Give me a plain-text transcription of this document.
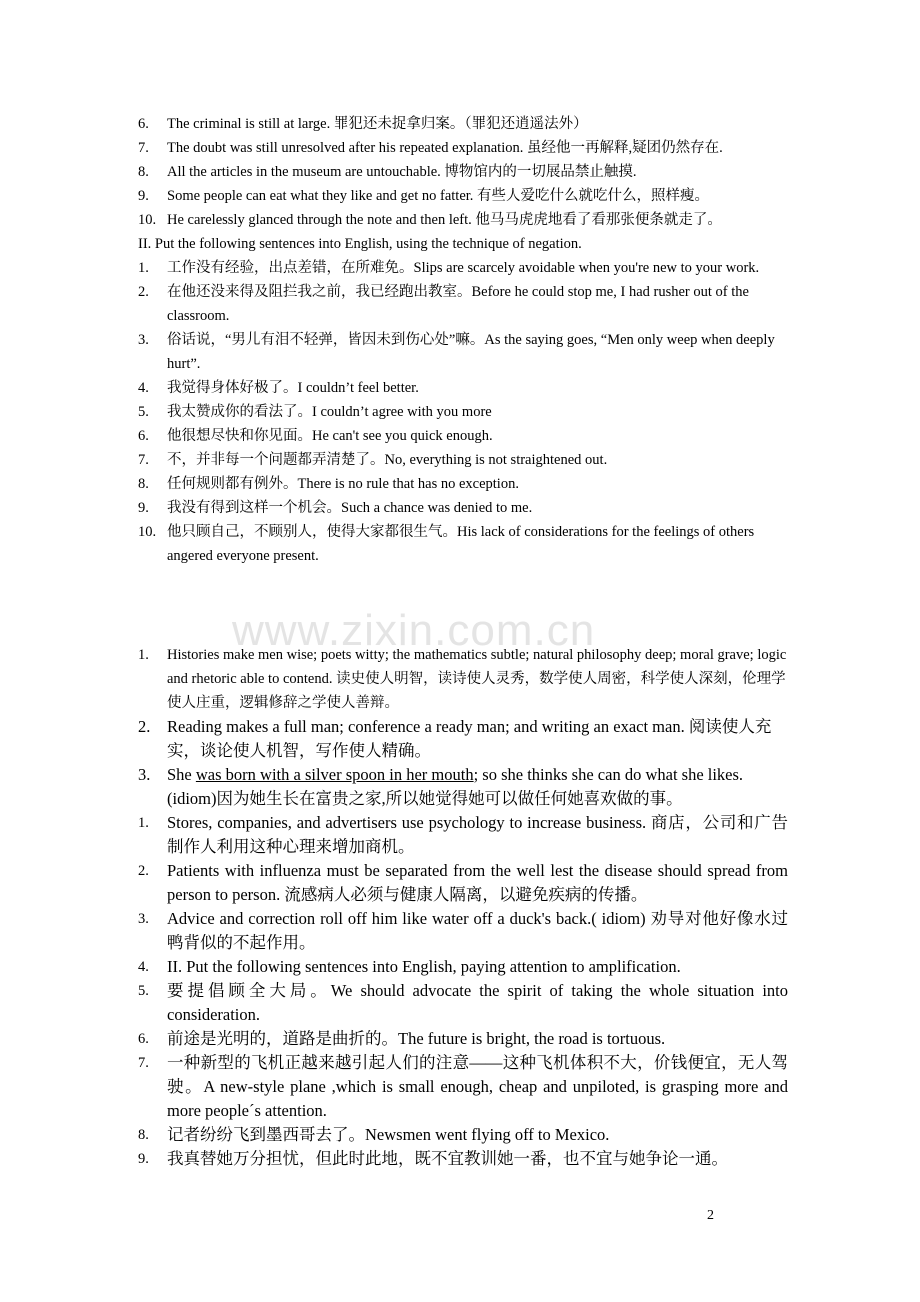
www.zixin.com.cn
6.	The criminal is still at large. 罪犯还未捉拿归案。（罪犯还逍遥法外）
7.	The doubt was still unresolved after his repeated explanation. 虽经他一再解释,疑团仍然存在.
8.	All the articles in the museum are untouchable. 博物馆内的一切展品禁止触摸.
9.	Some people can eat what they like and get no fatter. 有些人爱吃什么就吃什么，照样瘦。
10. He carelessly glanced through the note and then left. 他马马虎虎地看了看那张便条就走了。
II. Put the following sentences into English, using the technique of negation.
1.	工作没有经验，出点差错，在所难免。Slips are scarcely avoidable when you're new to your work.
2.	在他还没来得及阻拦我之前，我已经跑出教室。Before he could stop me, I had rusher out of the classroom.
3.	俗话说，“男儿有泪不轻弹，皆因未到伤心处”嘛。As the saying goes, “Men only weep when deeply hurt”.
4.	我觉得身体好极了。I couldn’t feel better.
5.	我太赞成你的看法了。I couldn’t agree with you more
6.	他很想尽快和你见面。He can't see you quick enough.
7.	不，并非每一个问题都弄清楚了。No, everything is not straightened out.
8.	任何规则都有例外。There is no rule that has no exception.
9.	我没有得到这样一个机会。Such a chance was denied to me.
10. 他只顾自己，不顾别人，使得大家都很生气。His lack of considerations for the feelings of others angered everyone present.
1.	Histories make men wise; poets witty; the mathematics subtle; natural philosophy deep; moral grave; logic and rhetoric able to contend. 读史使人明智，读诗使人灵秀，数学使人周密，科学使人深刻，伦理学使人庄重，逻辑修辞之学使人善辩。
2.	Reading makes a full man; conference a ready man; and writing an exact man. 阅读使人充实，谈论使人机智，写作使人精确。
3.	She was born with a silver spoon in her mouth; so she thinks she can do what she likes. (idiom)因为她生长在富贵之家,所以她觉得她可以做任何她喜欢做的事。
1.	Stores, companies, and advertisers use psychology to increase business. 商店，公司和广告制作人利用这种心理来增加商机。
2.	Patients with influenza must be separated from the well lest the disease should spread from person to person. 流感病人必须与健康人隔离，以避免疾病的传播。
3.	Advice and correction roll off him like water off a duck's back.( idiom) 劝导对他好像水过鸭背似的不起作用。
4.	II. Put the following sentences into English, paying attention to amplification.
5.	要提倡顾全大局。We should advocate the spirit of taking the whole situation into consideration.
6.	前途是光明的，道路是曲折的。The future is bright, the road is tortuous.
7.	一种新型的飞机正越来越引起人们的注意——这种飞机体积不大，价钱便宜，无人驾驶。A new-style plane ,which is small enough, cheap and unpiloted, is grasping more and more people´s attention.
8.	记者纷纷飞到墨西哥去了。Newsmen went flying off to Mexico.
9.	我真替她万分担忧，但此时此地，既不宜教训她一番，也不宜与她争论一通。
2
